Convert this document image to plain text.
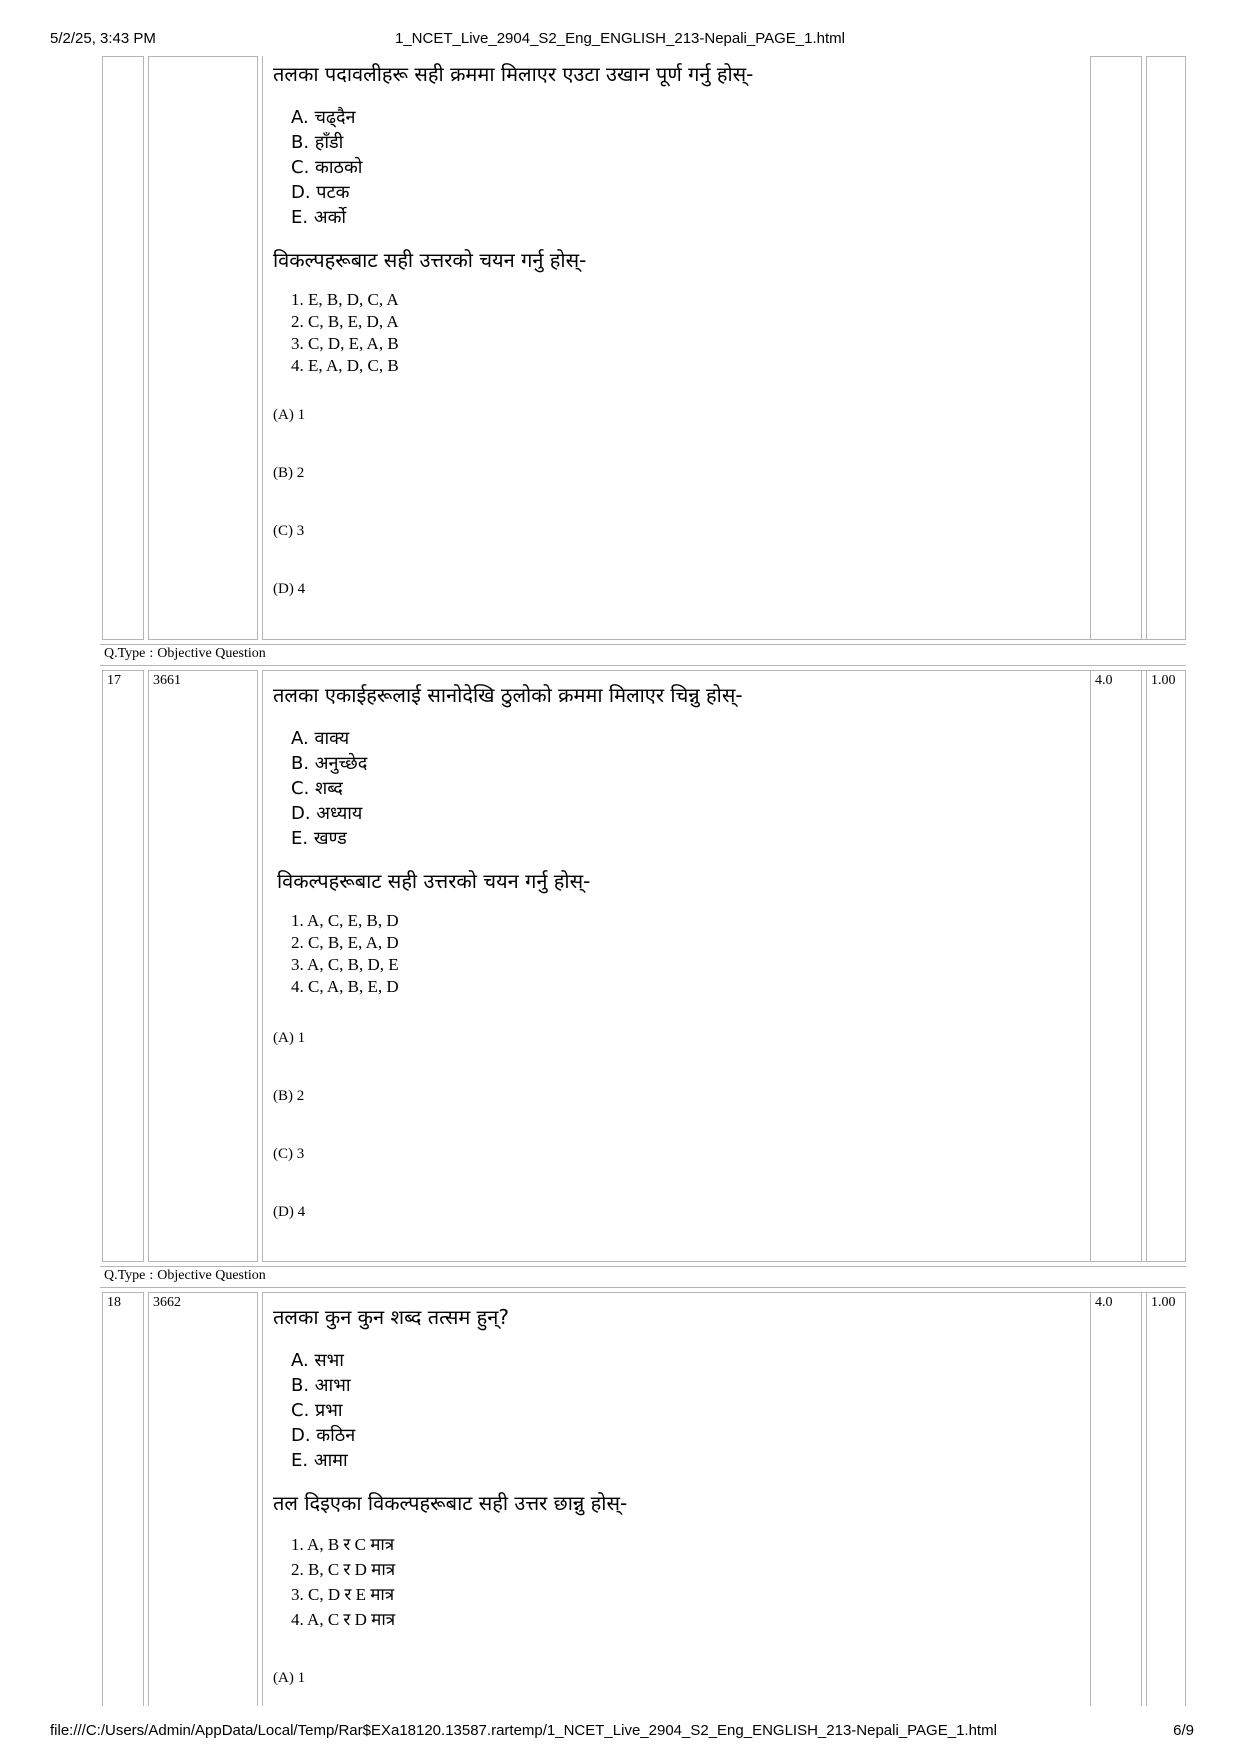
1_NCET_Live_2904_S2_Eng_ENGLISH_213-Nepali_PAGE_1.html
5/2/25, 3:43 PM
तलका पदावलीहरू सही क्रममा मिलाएर एउटा उखान पूर्ण गर्नु होस्-
A. चढ्दैन
B. हाँडी
C. काठको
D. पटक
E. अर्को
विकल्पहरूबाट सही उत्तरको चयन गर्नु होस्-
1. E, B, D, C, A
2. C, B, E, D, A
3. C, D, E, A, B
4. E, A, D, C, B
(A) 1
(B) 2
(C) 3
(D) 4
Q.Type : Objective Question
17	3661
तलका एकाईहरूलाई सानोदेखि ठुलोको क्रममा मिलाएर चिन्नु होस्-
A. वाक्य
B. अनुच्छेद
C. शब्द
D. अध्याय
E. खण्ड
विकल्पहरूबाट सही उत्तरको चयन गर्नु होस्-
1. A, C, E, B, D
2. C, B, E, A, D
3. A, C, B, D, E
4. C, A, B, E, D
(A) 1
(B) 2
(C) 3
(D) 4
4.0	1.00
Q.Type : Objective Question
18	3662
तलका कुन कुन शब्द तत्सम हुन्?
A. सभा
B. आभा
C. प्रभा
D. कठिन
E. आमा
तल दिइएका विकल्पहरूबाट सही उत्तर छान्नु होस्-
1. A, B र C मात्र
2. B, C र D मात्र
3. C, D र E मात्र
4. A, C र D मात्र
(A) 1
4.0	1.00
file:///C:/Users/Admin/AppData/Local/Temp/Rar$EXa18120.13587.rartemp/1_NCET_Live_2904_S2_Eng_ENGLISH_213-Nepali_PAGE_1.html	6/9
